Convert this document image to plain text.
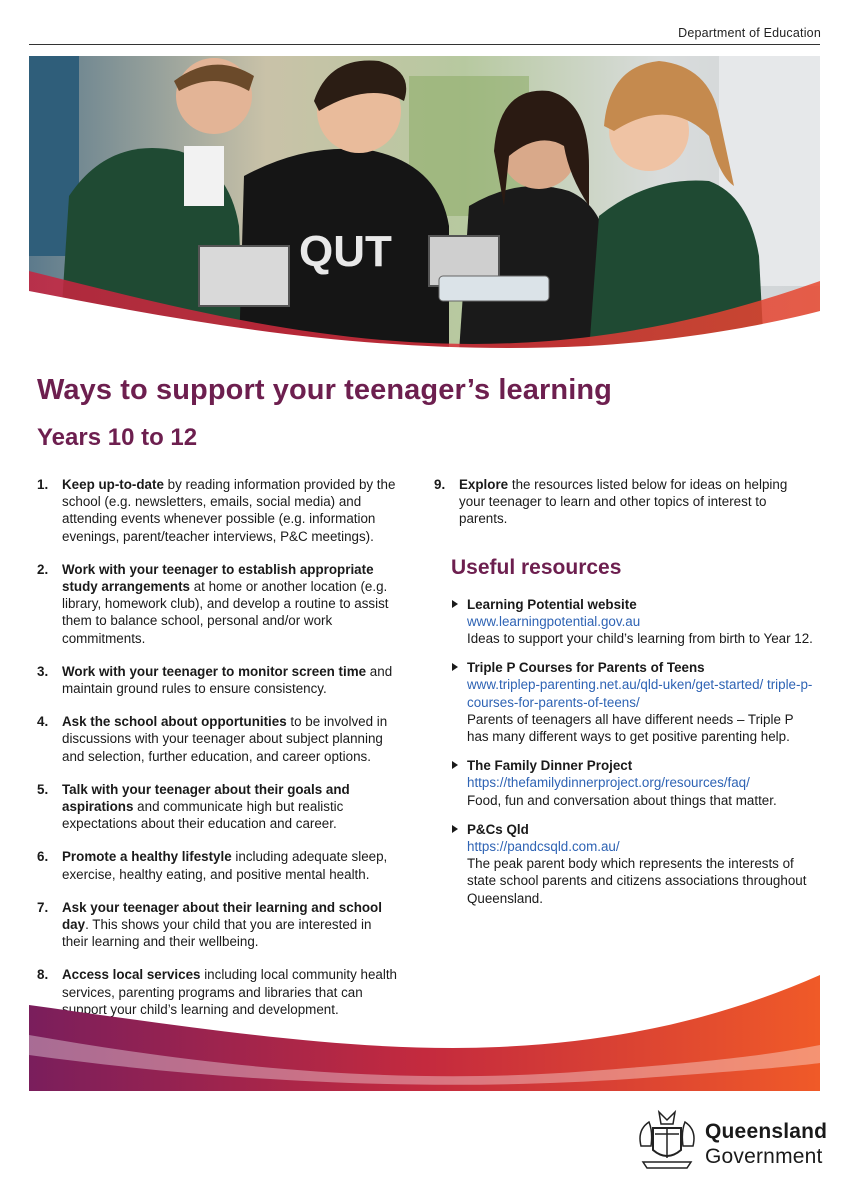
Department of Education
QUT
Ways to support your teenager’s learning
Years 10 to 12
1. Keep up-to-date by reading information provided by the school (e.g. newsletters, emails, social media) and attending events whenever possible (e.g. information evenings, parent/teacher interviews, P&C meetings).
2. Work with your teenager to establish appropriate study arrangements at home or another location (e.g. library, homework club), and develop a routine to assist them to balance school, personal and/or work commitments.
3. Work with your teenager to monitor screen time and maintain ground rules to ensure consistency.
4. Ask the school about opportunities to be involved in discussions with your teenager about subject planning and selection, further education, and career options.
5. Talk with your teenager about their goals and aspirations and communicate high but realistic expectations about their education and career.
6. Promote a healthy lifestyle including adequate sleep, exercise, healthy eating, and positive mental health.
7. Ask your teenager about their learning and school day. This shows your child that you are interested in their learning and their wellbeing.
8. Access local services including local community health services, parenting programs and libraries that can support your child’s learning and development.
9. Explore the resources listed below for ideas on helping your teenager to learn and other topics of interest to parents.
Useful resources
Learning Potential website
www.learningpotential.gov.au
Ideas to support your child’s learning from birth to Year 12.
Triple P Courses for Parents of Teens
www.triplep-parenting.net.au/qld-uken/get-started/ triple-p-courses-for-parents-of-teens/
Parents of teenagers all have different needs – Triple P has many different ways to get positive parenting help.
The Family Dinner Project
https://thefamilydinnerproject.org/resources/faq/
Food, fun and conversation about things that matter.
P&Cs Qld
https://pandcsqld.com.au/
The peak parent body which represents the interests of state school parents and citizens associations throughout Queensland.
Queensland
Government
